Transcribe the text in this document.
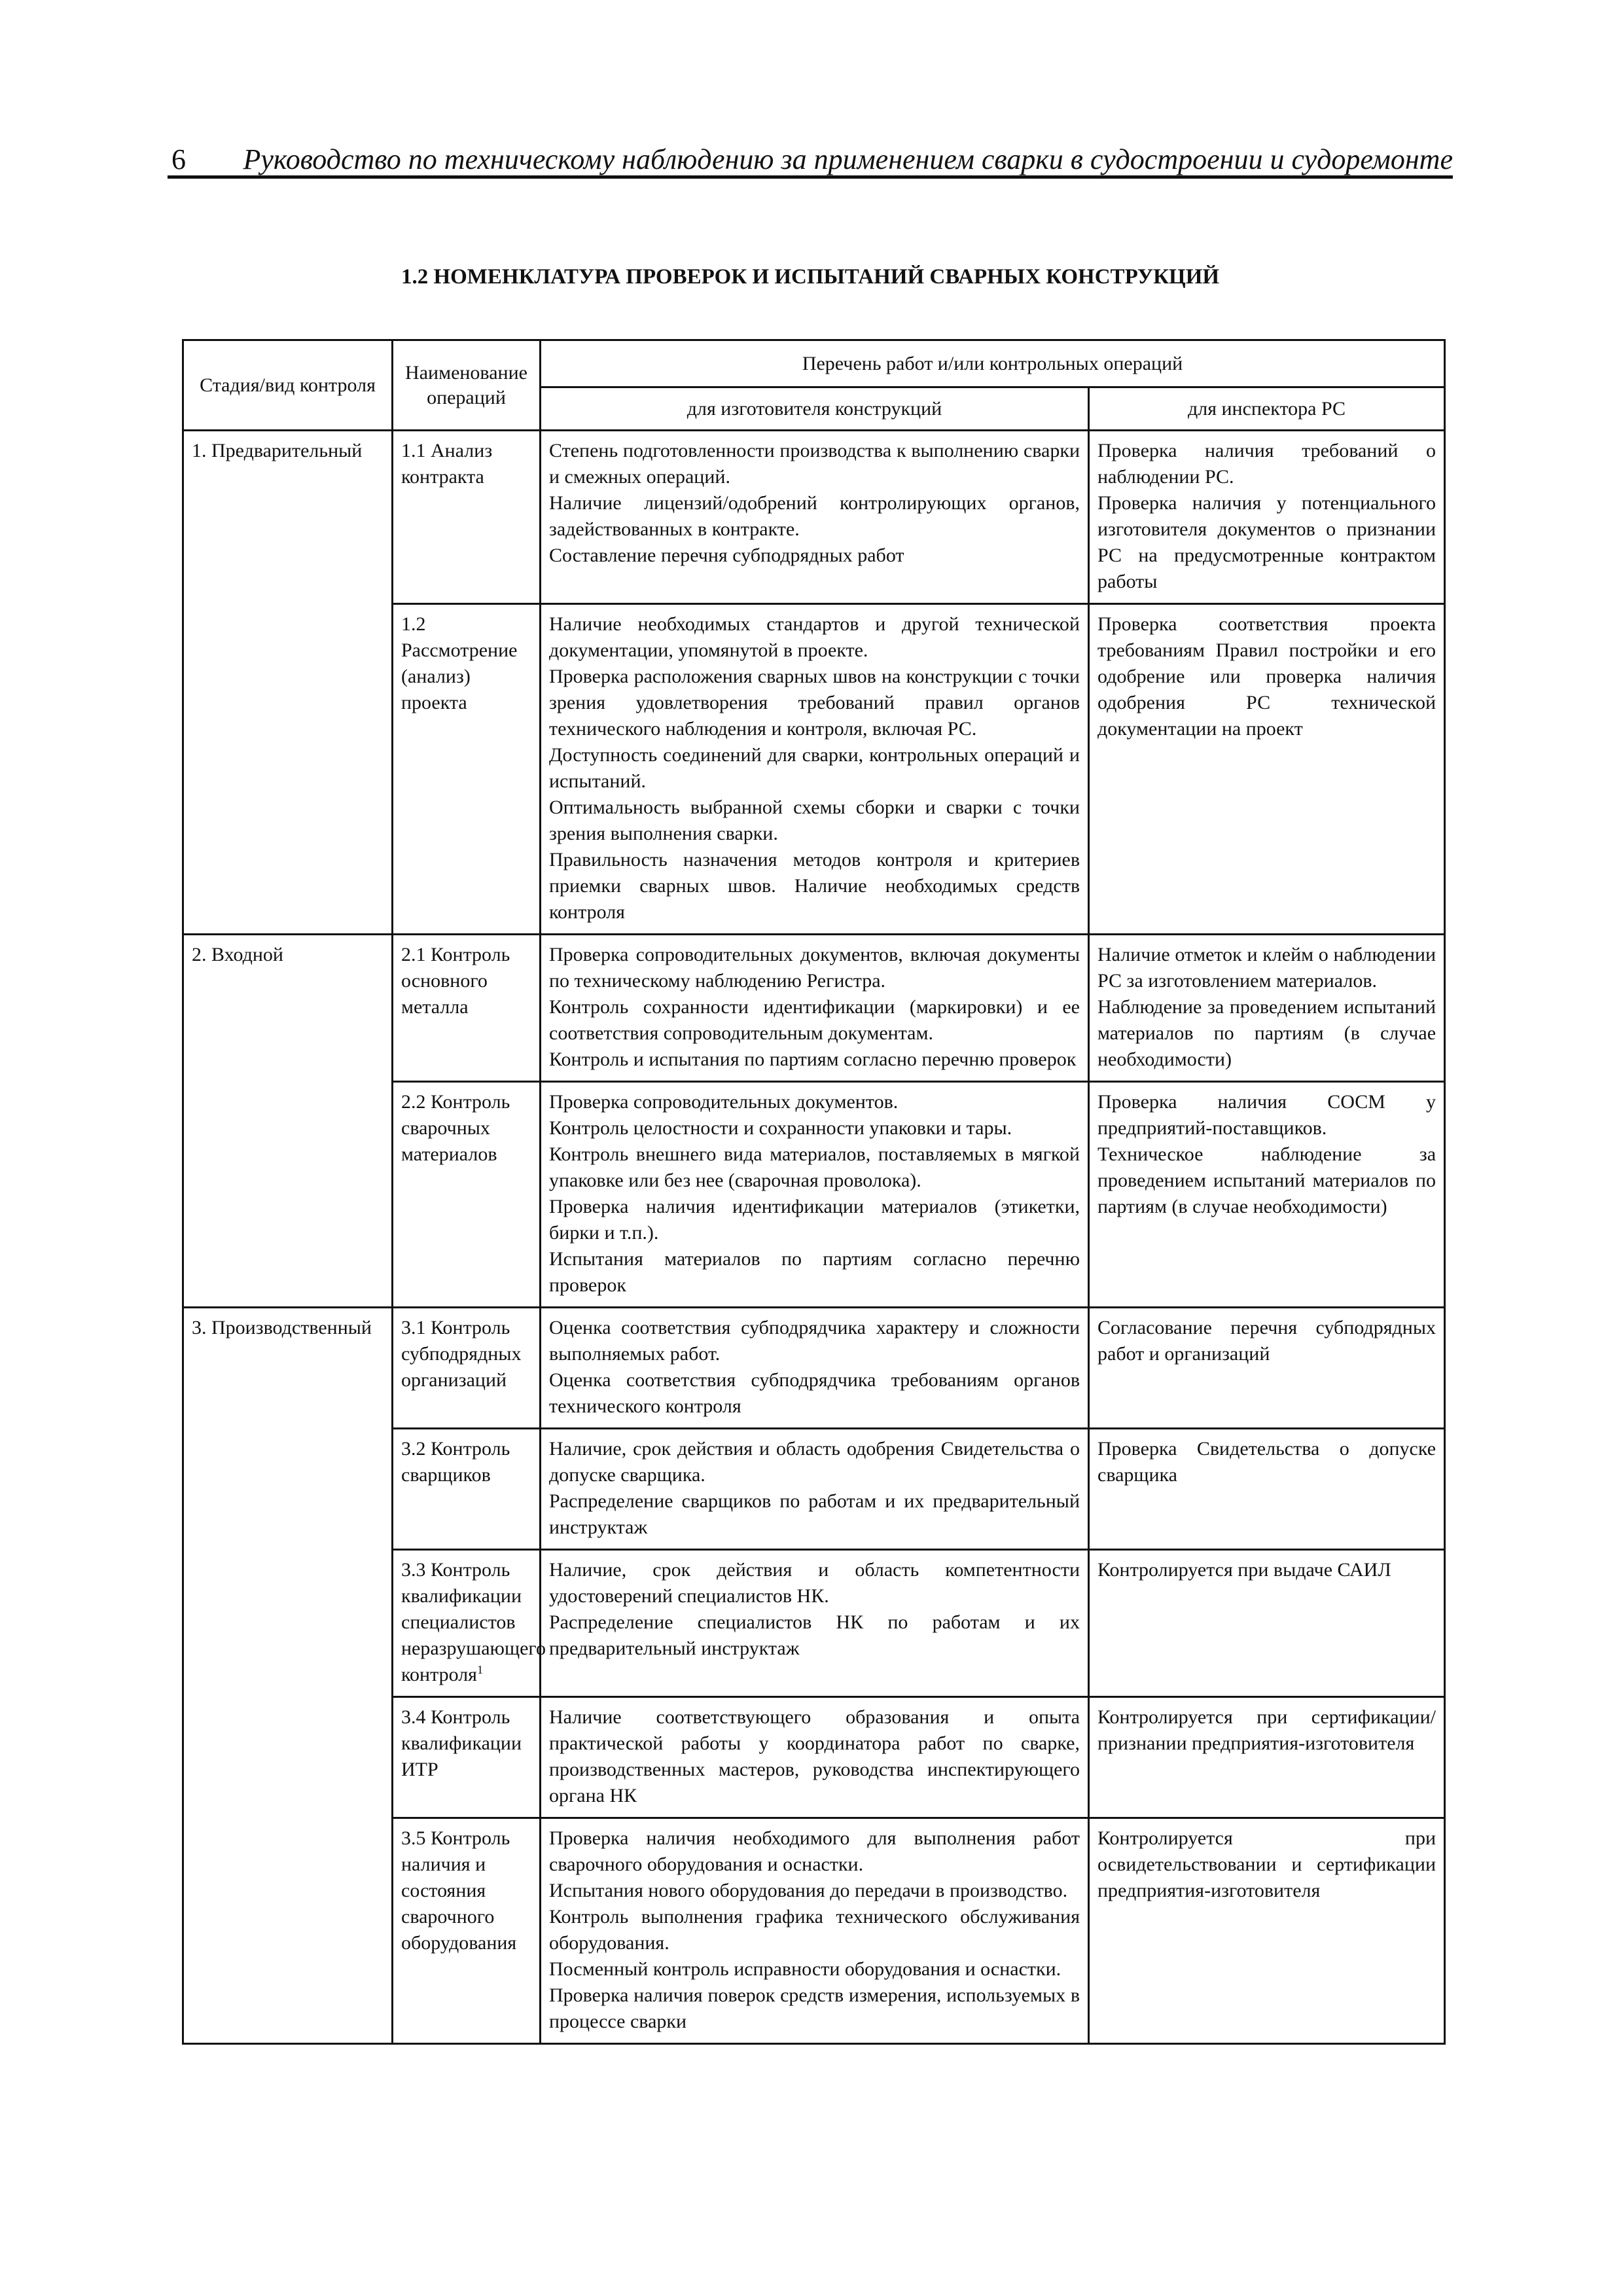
6 Руководство по техническому наблюдению за применением сварки в судостроении и судоремонте
1.2 НОМЕНКЛАТУРА ПРОВЕРОК И ИСПЫТАНИЙ СВАРНЫХ КОНСТРУКЦИЙ
Стадия/вид контроля	Наименование операций	Перечень работ и/или контрольных операций	
		для изготовителя конструкций	для инспектора РС
1. Предварительный	1.1 Анализ контракта	Степень подготовленности производства к выполнению сварки и смежных операций.
Наличие лицензий/одобрений контролирующих органов, задействованных в контракте.
Составление перечня субподрядных работ	Проверка наличия требований о наблюдении РС.
Проверка наличия у потенциального изготовителя документов о признании РС на предусмотренные контрактом работы

	1.2 Рассмотрение (анализ) проекта	Наличие необходимых стандартов и другой технической документации, упомянутой в проекте.
Проверка расположения сварных швов на конструкции с точки зрения удовлетворения требований правил органов технического наблюдения и контроля, включая РС.
Доступность соединений для сварки, контрольных операций и испытаний.
Оптимальность выбранной схемы сборки и сварки с точки зрения выполнения сварки.
Правильность назначения методов контроля и критериев приемки сварных швов. Наличие необходимых средств контроля	Проверка соответствия проекта требованиям Правил постройки и его одобрение или проверка наличия одобрения РС технической документации на проект

2. Входной	2.1 Контроль основного металла	Проверка сопроводительных документов, включая документы по техническому наблюдению Регистра.
Контроль сохранности идентификации (маркировки) и ее соответствия сопроводительным документам.
Контроль и испытания по партиям согласно перечню проверок	Наличие отметок и клейм о наблюдении РС за изготовлением материалов.
Наблюдение за проведением испытаний материалов по партиям (в случае необходимости)

	2.2 Контроль сварочных материалов	Проверка сопроводительных документов.
Контроль целостности и сохранности упаковки и тары.
Контроль внешнего вида материалов, поставляемых в мягкой упаковке или без нее (сварочная проволока).
Проверка наличия идентификации материалов (этикетки, бирки и т.п.).
Испытания материалов по партиям согласно перечню проверок	Проверка наличия СОСМ у предприятий-поставщиков.
Техническое наблюдение за проведением испытаний материалов по партиям (в случае необходимости)

3. Производственный	3.1 Контроль субподрядных организаций	Оценка соответствия субподрядчика характеру и сложности выполняемых работ.
Оценка соответствия субподрядчика требованиям органов технического контроля	Согласование перечня субподрядных работ и организаций

	3.2 Контроль сварщиков	Наличие, срок действия и область одобрения Свидетельства о допуске сварщика.
Распределение сварщиков по работам и их предварительный инструктаж	Проверка Свидетельства о допуске сварщика

	3.3 Контроль квалификации специалистов неразрушающего контроля$^1$	Наличие, срок действия и область компетентности удостоверений специалистов НК.
Распределение специалистов НК по работам и их предварительный инструктаж	Контролируется при выдаче САИЛ

	3.4 Контроль квалификации ИТР	Наличие соответствующего образования и опыта практической работы у координатора работ по сварке, производственных мастеров, руководства инспектирующего органа НК	Контролируется при сертификации/признании предприятия-изготовителя

	3.5 Контроль наличия и состояния сварочного оборудования	Проверка наличия необходимого для выполнения работ сварочного оборудования и оснастки.
Испытания нового оборудования до передачи в производство.
Контроль выполнения графика технического обслуживания оборудования.
Посменный контроль исправности оборудования и оснастки.
Проверка наличия поверок средств измерения, используемых в процессе сварки	Контролируется при освидетельствовании и сертификации предприятия-изготовителя
